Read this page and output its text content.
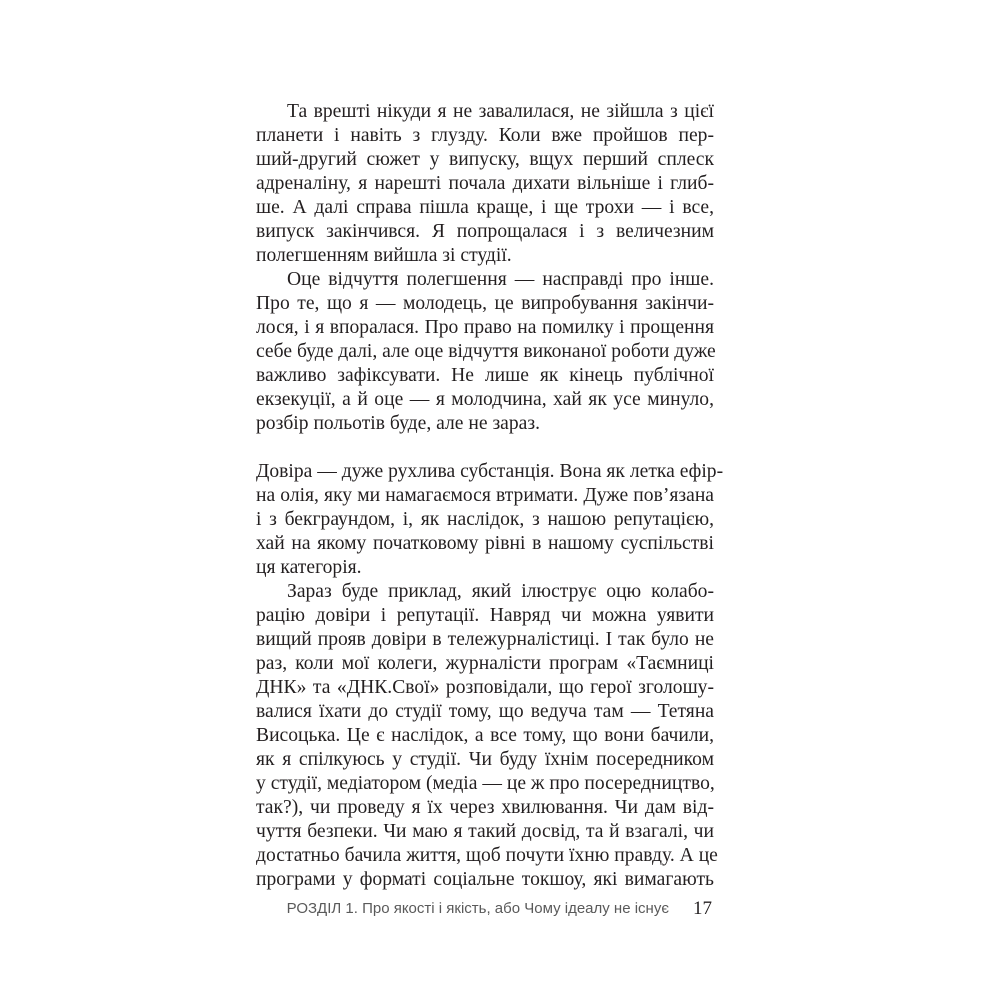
Та врешті нікуди я не завалилася, не зійшла з цієї
планети і навіть з глузду. Коли вже пройшов пер-
ший-другий сюжет у випуску, вщух перший сплеск
адреналіну, я нарешті почала дихати вільніше і глиб-
ше. А далі справа пішла краще, і ще трохи — і все,
випуск закінчився. Я попрощалася і з величезним
полегшенням вийшла зі студії.
Оце відчуття полегшення — насправді про інше.
Про те, що я — молодець, це випробування закінчи-
лося, і я впоралася. Про право на помилку і прощення
себе буде далі, але оце відчуття виконаної роботи дуже
важливо зафіксувати. Не лише як кінець публічної
екзекуції, а й оце — я молодчина, хай як усе минуло,
розбір польотів буде, але не зараз.
Довіра — дуже рухлива субстанція. Вона як летка ефір-
на олія, яку ми намагаємося втримати. Дуже пов’язана
і з бекграундом, і, як наслідок, з нашою репутацією,
хай на якому початковому рівні в нашому суспільстві
ця категорія.
Зараз буде приклад, який ілюструє оцю колабо-
рацію довіри і репутації. Навряд чи можна уявити
вищий прояв довіри в тележурналістиці. І так було не
раз, коли мої колеги, журналісти програм «Таємниці
ДНК» та «ДНК.Свої» розповідали, що герої зголошу-
валися їхати до студії тому, що ведуча там — Тетяна
Висоцька. Це є наслідок, а все тому, що вони бачили,
як я спілкуюсь у студії. Чи буду їхнім посередником
у студії, медіатором (медіа — це ж про посередництво,
так?), чи проведу я їх через хвилювання. Чи дам від-
чуття безпеки. Чи маю я такий досвід, та й взагалі, чи
достатньо бачила життя, щоб почути їхню правду. А це
програми у форматі соціальне токшоу, які вимагають
РОЗДІЛ 1. Про якості і якість, або Чому ідеалу не існує 17
